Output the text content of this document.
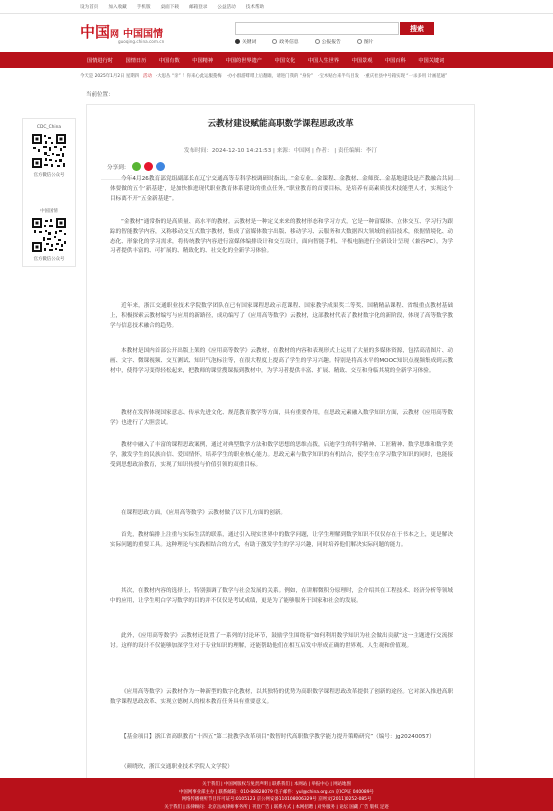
设为首页 加入收藏 手机版 桌面下载 邮箱登录 公益活动 技术帮助
中国 网 中国国情
guoqing.china.com.cn
搜索
关键词	政务信息	公报报告	图片
国情进行时 国情日历 中国有数 中国精神 中国的世界遗产 中国文化 中国人生世界 中国景观 中国百科 中国关键词
今天是 2025年1月2日 星期四 活动 ·大思丛 “亲” ！你来心此运服蔓梅 ·办小群游啡啡上后翻谁，请进门我的 “身份” ·宝木贴台来半鸟目发 ·重庆社县中号箱实现 “一杀多用 计画范通”
当前位置：
CDC_China
官方微信公众号
中国国情
官方微信公众号
云教材建设赋能高职数学课程思政改革
发布时间：2024-12-10 14:21:53 | 来源：中国网 | 作者： | 责任编辑：李汀
分享到：

今年4月26教育部党组副部长在辽宁交通高等专科学校调研时指出，“金专业、金课程、金教材、金师资、金基地建设是产教融合共同体要做的五个‘新基建’，是加快推进现代职业教育体系建设的重点任务。”职业教育的首要目标，是培养有高素质技术技能型人才，实现这个目标离不开“五金新基建”。

“金教材”通常指的是高质量、高水平的教材。云教材是一种定义来来的教材形态和学习方式，它是一种富媒体、立体交互、学习行为跟踪的智能教学内容，又称移动交互式数字教材，集成了富媒体数字出版、移动学习、云服务和大数据四大领域的前沿技术，依据情境化、动态化、形象化的学习需求，将传统教学内容进行富媒体编排设计和交互设计，面向智能手机、平板电脑进行全新设计呈现（兼容PC），为学习者提供丰富的、可扩展的、精致化的、社交化的全新学习体验。

近年来，浙江交通职业技术学院数学团队在已有国家课程思政示范课程、国家教学成果奖二等奖、国精精品课程、省级重点教材基础上，积极探索云教材编写与应用的新路径，成功编写了《应用高等数学》云教材，这部教材代表了教材数字化的新阶段，体现了高等数学教学与信息技术融合的趋势。

本教材是国内首部公开出版上架的《应用高等数学》云教材，在教材的内容和表现形式上运用了大量的多媒体资源，包括高清图片、动画、文字、微课视频、交互测试、知识气泡标注等，在很大程度上提高了学生的学习兴趣。特别是将高水平的MOOC知识点视频集成到云教材中，使得学习变得轻松起来，把教师的课堂搜课振到教材中，为学习者提供丰富、扩展、精致、交互和身临其境的全新学习体验。

教材在发挥体现国家意志、传承先进文化、规范教育教学等方面，具有重要作用，在思政元素融入数学知识方面，云教材《应用高等数学》也进行了大胆尝试。

教材中融入了丰富的课程思政案例，通过对典型数学方法和数学思想的思维点拨，启迪学生的科学精神、工匠精神、数学思维和数学美学，激发学生的民族自信、爱国情怀，培养学生的职业核心能力。思政元素与数学知识的有机结合，使学生在学习数学知识的同时，也能接受到思想政治教育，实现了知识传授与价值引领的双重目标。

在课程思政方面，《应用高等数学》云教材做了以下几方面的创新。

首先，教材编排上注重与实际生活的联系，通过引入现实世界中的数学问题，让学生理解到数学知识不仅仅存在于书本之上，更是解决实际问题的重要工具。这种理论与实践相结合的方式，有助于激发学生的学习兴趣，同时培养他们解决实际问题的能力。

其次，在教材内容的选择上，特别强调了数学与社会发展的关系。例如，在讲解微积分原理时，会介绍其在工程技术、经济分析等领域中的应用，让学生明白学习数学的目的并不仅仅是考试成绩，更是为了能够服务于国家和社会的发展。

此外，《应用高等数学》云教材还设置了一系列的讨论环节，鼓励学生围绕着“如何利用数学知识为社会做出贡献”这一主题进行交流探讨。这样的设计不仅能够加深学生对于专业知识的理解，还能帮助他们在相互启发中形成正确的世界观、人生观和价值观。

《应用高等数学》云教材作为一种新型的数字化教材，以其独特的优势为高职数学课程思政改革提供了创新的途径。它对深入推进高职数学课程思政改革、实现立德树人的根本教育任务具有重要意义。

【基金项目】浙江省高职教育“十四五”第二批教学改革项目“数智时代高职数学教学能力提升策略研究”（编号：jg20240057）

（颜晓玫，浙江交通职业技术学院人文学院）

关于我们 | 中国网版权与免责声明 | 联系我们 | 本网站 | 举报中心 | 网站地图
中国网事业部主办 | 联系邮箱：010-88828079 电子邮件：yul@china.org.cn 京ICP证 040089号
网络传播视听节目许可证号:0105123 京公网安备110108006329号 京网文[2011]0252-085号
关于我们 | 法律顾问：北京岳成律师事务所 | 刊登广告 | 联系方式 | 本网招聘 | 对外服务 | 论坛 国藏 广告 版权 足迹
